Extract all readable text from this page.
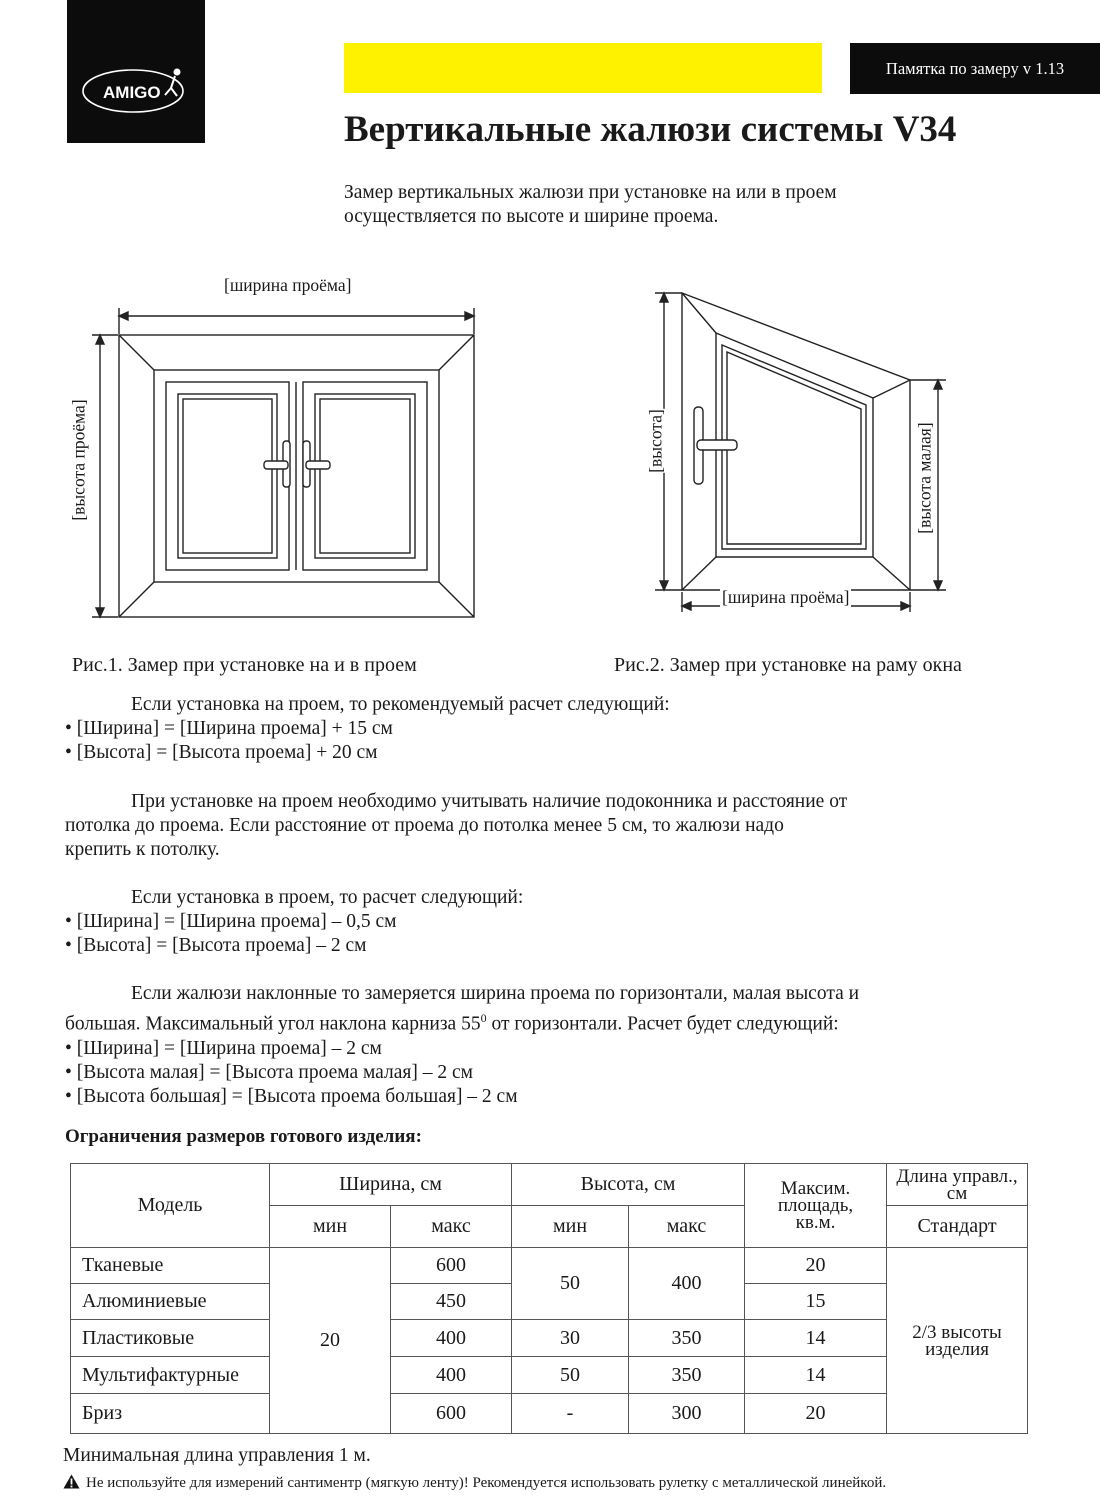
AMIGO
Памятка по замеру v 1.13
Вертикальные жалюзи системы V34
Замер вертикальных жалюзи при установке на или в проем
осуществляется по высоте и ширине проема.
[ширина проёма]
[высота проёма]	[высота]	[высота малая]
[ширина проёма]
Рис.1. Замер при установке на и в проем	Рис.2. Замер при установке на раму окна
Если установка на проем, то рекомендуемый расчет следующий:
• [Ширина] = [Ширина проема] + 15 см
• [Высота] = [Высота проема] + 20 см
При установке на проем необходимо учитывать наличие подоконника и расстояние от
потолка до проема. Если расстояние от проема до потолка менее 5 см, то жалюзи надо
крепить к потолку.
Если установка в проем, то расчет следующий:
• [Ширина] = [Ширина проема] – 0,5 см
• [Высота] = [Высота проема] – 2 см
Если жалюзи наклонные то замеряется ширина проема по горизонтали, малая высота и
большая. Максимальный угол наклона карниза $55^0$ от горизонтали. Расчет будет следующий:
• [Ширина] = [Ширина проема] – 2 см
• [Высота малая] = [Высота проема малая] – 2 см
• [Высота большая] = [Высота проема большая] – 2 см
Ограничения размеров готового изделия:
Модель	Ширина, см		Высота, см		Максим. площадь, кв.м.	Длина управл., см
	мин	макс	мин	макс		Стандарт
Тканевые	20	600	50	400	20	2/3 высоты изделия
Алюминиевые		450			15	
Пластиковые		400	30	350	14	
Мультифактурные		400	50	350	14	
Бриз		600	-	300	20	
Минимальная длина управления 1 м.
Не используйте для измерений сантиментр (мягкую ленту)! Рекомендуется использовать рулетку с металлической линейкой.
